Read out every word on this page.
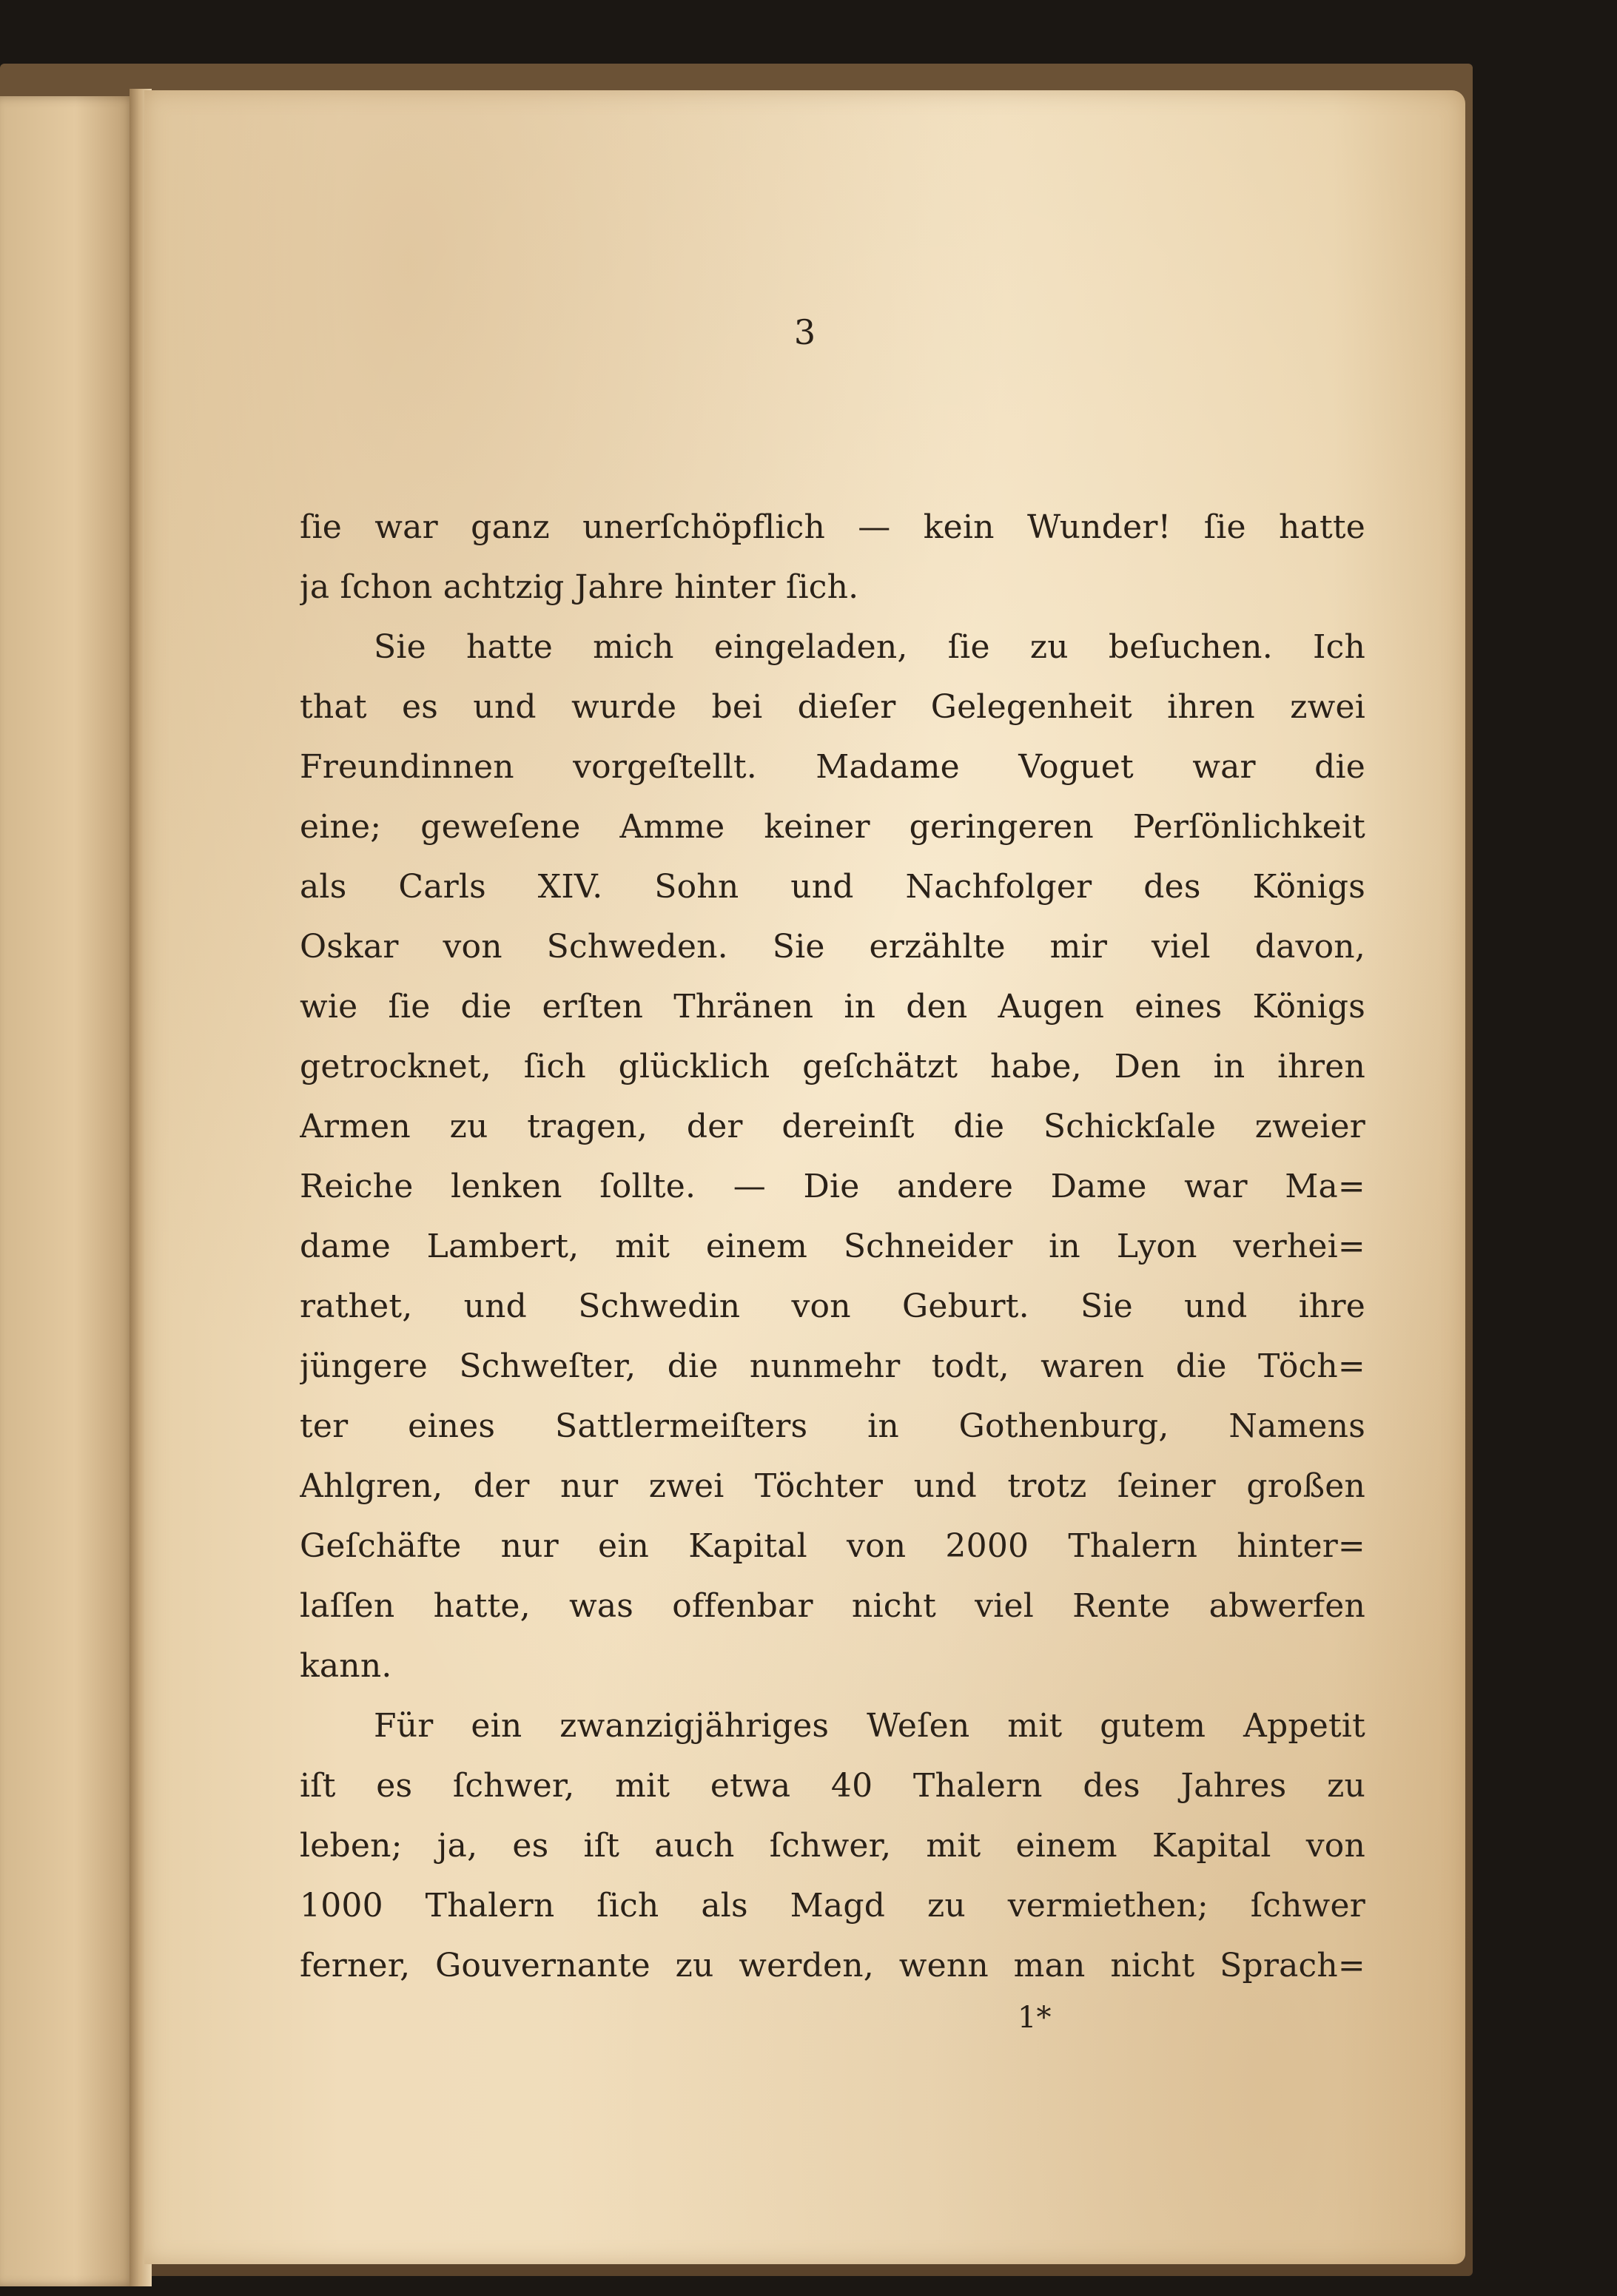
3

ſie war ganz unerſchöpflich — kein Wunder! ſie hatte
ja ſchon achtzig Jahre hinter ſich.
Sie hatte mich eingeladen, ſie zu beſuchen. Ich
that es und wurde bei dieſer Gelegenheit ihren zwei
Freundinnen vorgeſtellt. Madame Voguet war die
eine; geweſene Amme keiner geringeren Perſönlichkeit
als Carls XIV. Sohn und Nachfolger des Königs
Oskar von Schweden. Sie erzählte mir viel davon,
wie ſie die erſten Thränen in den Augen eines Königs
getrocknet, ſich glücklich geſchätzt habe, Den in ihren
Armen zu tragen, der dereinſt die Schickſale zweier
Reiche lenken ſollte. — Die andere Dame war Ma=
dame Lambert, mit einem Schneider in Lyon verhei=
rathet, und Schwedin von Geburt. Sie und ihre
jüngere Schweſter, die nunmehr todt, waren die Töch=
ter eines Sattlermeiſters in Gothenburg, Namens
Ahlgren, der nur zwei Töchter und trotz ſeiner großen
Geſchäfte nur ein Kapital von 2000 Thalern hinter=
laſſen hatte, was offenbar nicht viel Rente abwerfen
kann.
Für ein zwanzigjähriges Weſen mit gutem Appetit
iſt es ſchwer, mit etwa 40 Thalern des Jahres zu
leben; ja, es iſt auch ſchwer, mit einem Kapital von
1000 Thalern ſich als Magd zu vermiethen; ſchwer
ferner, Gouvernante zu werden, wenn man nicht Sprach=

1*
